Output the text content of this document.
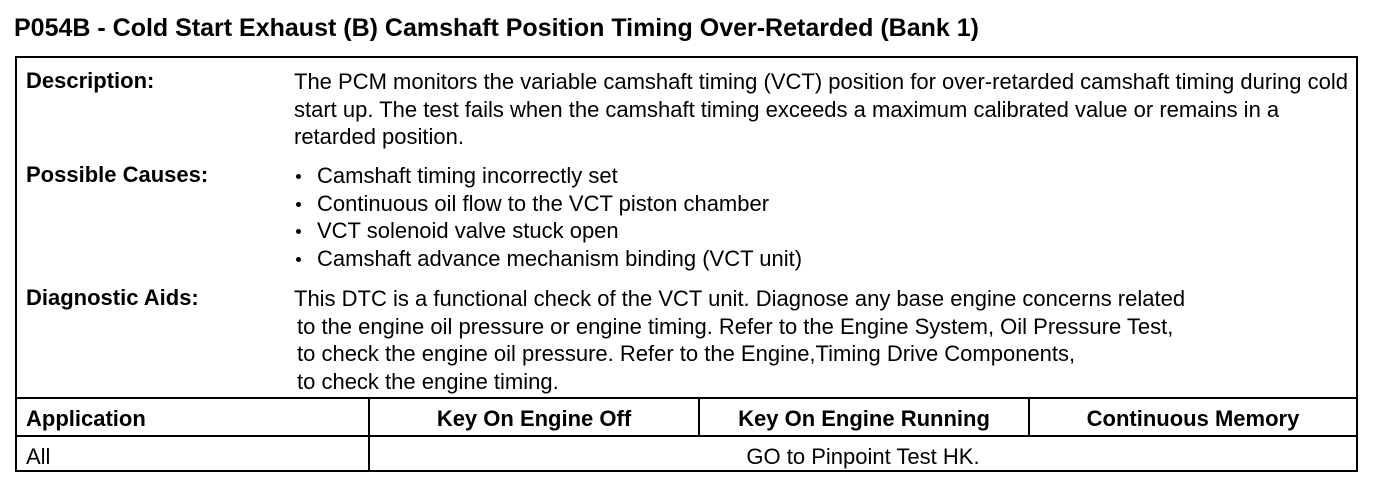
P054B - Cold Start Exhaust (B) Camshaft Position Timing Over-Retarded (Bank 1)
Description:	The PCM monitors the variable camshaft timing (VCT) position for over-retarded camshaft timing during cold start up. The test fails when the camshaft timing exceeds a maximum calibrated value or remains in a retarded position.
Possible Causes:	Camshaft timing incorrectly set
Continuous oil flow to the VCT piston chamber
VCT solenoid valve stuck open
Camshaft advance mechanism binding (VCT unit)
Diagnostic Aids:	This DTC is a functional check of the VCT unit. Diagnose any base engine concerns related
to the engine oil pressure or engine timing. Refer to the Engine System, Oil Pressure Test,
to check the engine oil pressure. Refer to the Engine,Timing Drive Components,
to check the engine timing.
Application	Key On Engine Off	Key On Engine Running	Continuous Memory
All	GO to Pinpoint Test HK.
